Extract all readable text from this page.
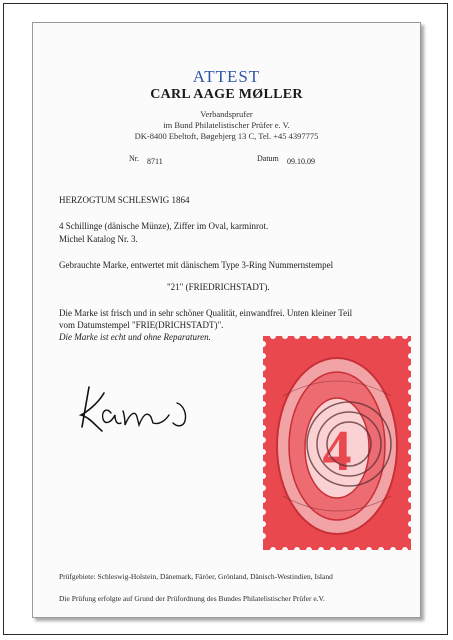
ATTEST
CARL AAGE MØLLER
Verbandsprufer
im Bund Philatelistischer Prüfer e. V.
DK-8400 Ebeltoft, Bøgebjerg 13 C, Tel. +45 4397775
Nr. 8711	Datum 09.10.09
HERZOGTUM SCHLESWIG 1864
4 Schillinge (dänische Münze), Ziffer im Oval, karminrot.
Michel Katalog Nr. 3.
Gebrauchte Marke, entwertet mit dänischem Type 3-Ring Nummernstempel
"21" (FRIEDRICHSTADT).
Die Marke ist frisch und in sehr schöner Qualität, einwandfrei. Unten kleiner Teil
vom Datumstempel "FRIE(DRICHSTADT)".
Die Marke ist echt und ohne Reparaturen.
4
Prüfgebiete: Schleswig-Holstein, Dänemark, Färöer, Grönland, Dänisch-Westindien, Island
Die Prüfung erfolgte auf Grund der Prüfordnung des Bundes Philatelistischer Prüfer e.V.
